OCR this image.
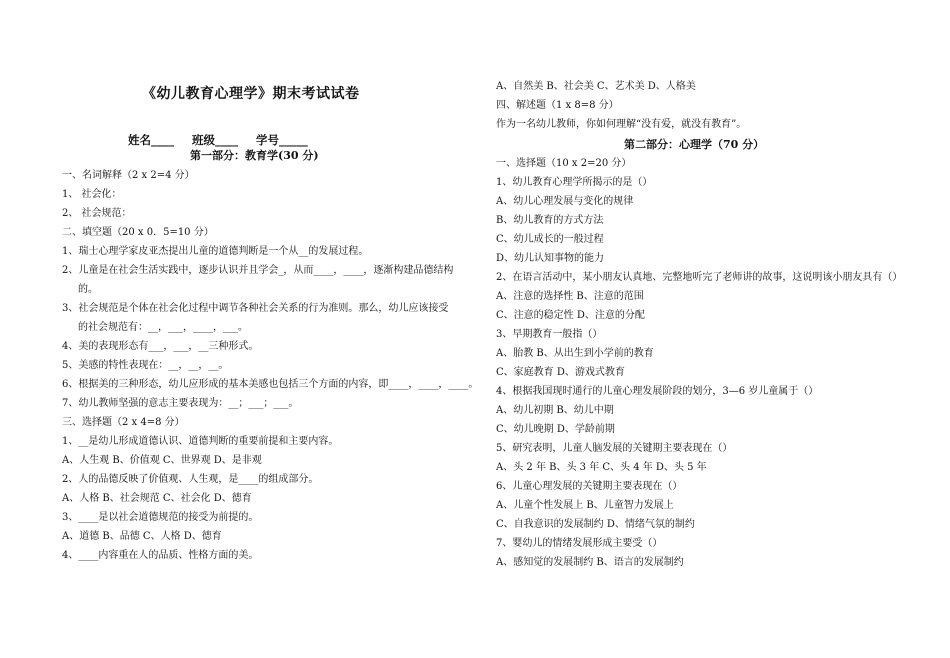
《幼儿教育心理学》期末考试试卷
姓名____ 班级____ 学号_____
第一部分：教育学(30 分)
一、名词解释（2 x 2=4 分）
1、 社会化：
2、 社会规范：
二、填空题（20 x 0．5=10 分）
1、瑞士心理学家皮亚杰提出儿童的道德判断是一个从__的发展过程。
2、儿童是在社会生活实践中，逐步认识并且学会_，从而____，____，逐渐构建品德结构
的。
3、社会规范是个体在社会化过程中调节各种社会关系的行为准则。那么，幼儿应该接受
的社会规范有：__，___，____，___。
4、美的表现形态有___，___，__三种形式。
5、美感的特性表现在：__，__，__。
6、根据美的三种形态，幼儿应形成的基本美感也包括三个方面的内容，即____，____，____。
7、幼儿教师坚强的意志主要表现为：__；___；___。
三、选择题（2 x 4=8 分）
1、__是幼儿形成道德认识、道德判断的重要前提和主要内容。
A、人生观 B、价值观 C、世界观 D、是非观
2、人的品德反映了价值观、人生观，是____的组成部分。
A、人格 B、社会规范 C、社会化 D、德育
3、____是以社会道德规范的接受为前提的。
A、道德 B、品德 C、人格 D、德育
4、____内容重在人的品质、性格方面的美。
A、自然美 B、社会美 C、艺术美 D、人格美
四、解述题（1 x 8=8 分）
作为一名幼儿教师，你如何理解“没有爱，就没有教育”。
第二部分：心理学（70 分）
一、选择题（10 x 2=20 分）
1、幼儿教育心理学所揭示的是（）
A、幼儿心理发展与变化的规律
B、幼儿教育的方式方法
C、幼儿成长的一般过程
D、幼儿认知事物的能力
2、在语言活动中，某小朋友认真地、完整地听完了老师讲的故事，这说明该小朋友具有（）
A、注意的选择性 B、注意的范围
C、注意的稳定性 D、注意的分配
3、早期教育一般指（）
A、胎教 B、从出生到小学前的教育
C、家庭教育 D、游戏式教育
4、根据我国现时通行的儿童心理发展阶段的划分，3—6 岁儿童属于（）
A、幼儿初期 B、幼儿中期
C、幼儿晚期 D、学龄前期
5、研究表明，儿童人脑发展的关键期主要表现在（）
A、头 2 年 B、头 3 年 C、头 4 年 D、头 5 年
6、儿童心理发展的关键期主要表现在（）
A、儿童个性发展上 B、儿童智力发展上
C、自我意识的发展制约 D、情绪气氛的制约
7、婴幼儿的情绪发展形成主要受（）
A、感知觉的发展制约 B、语言的发展制约
